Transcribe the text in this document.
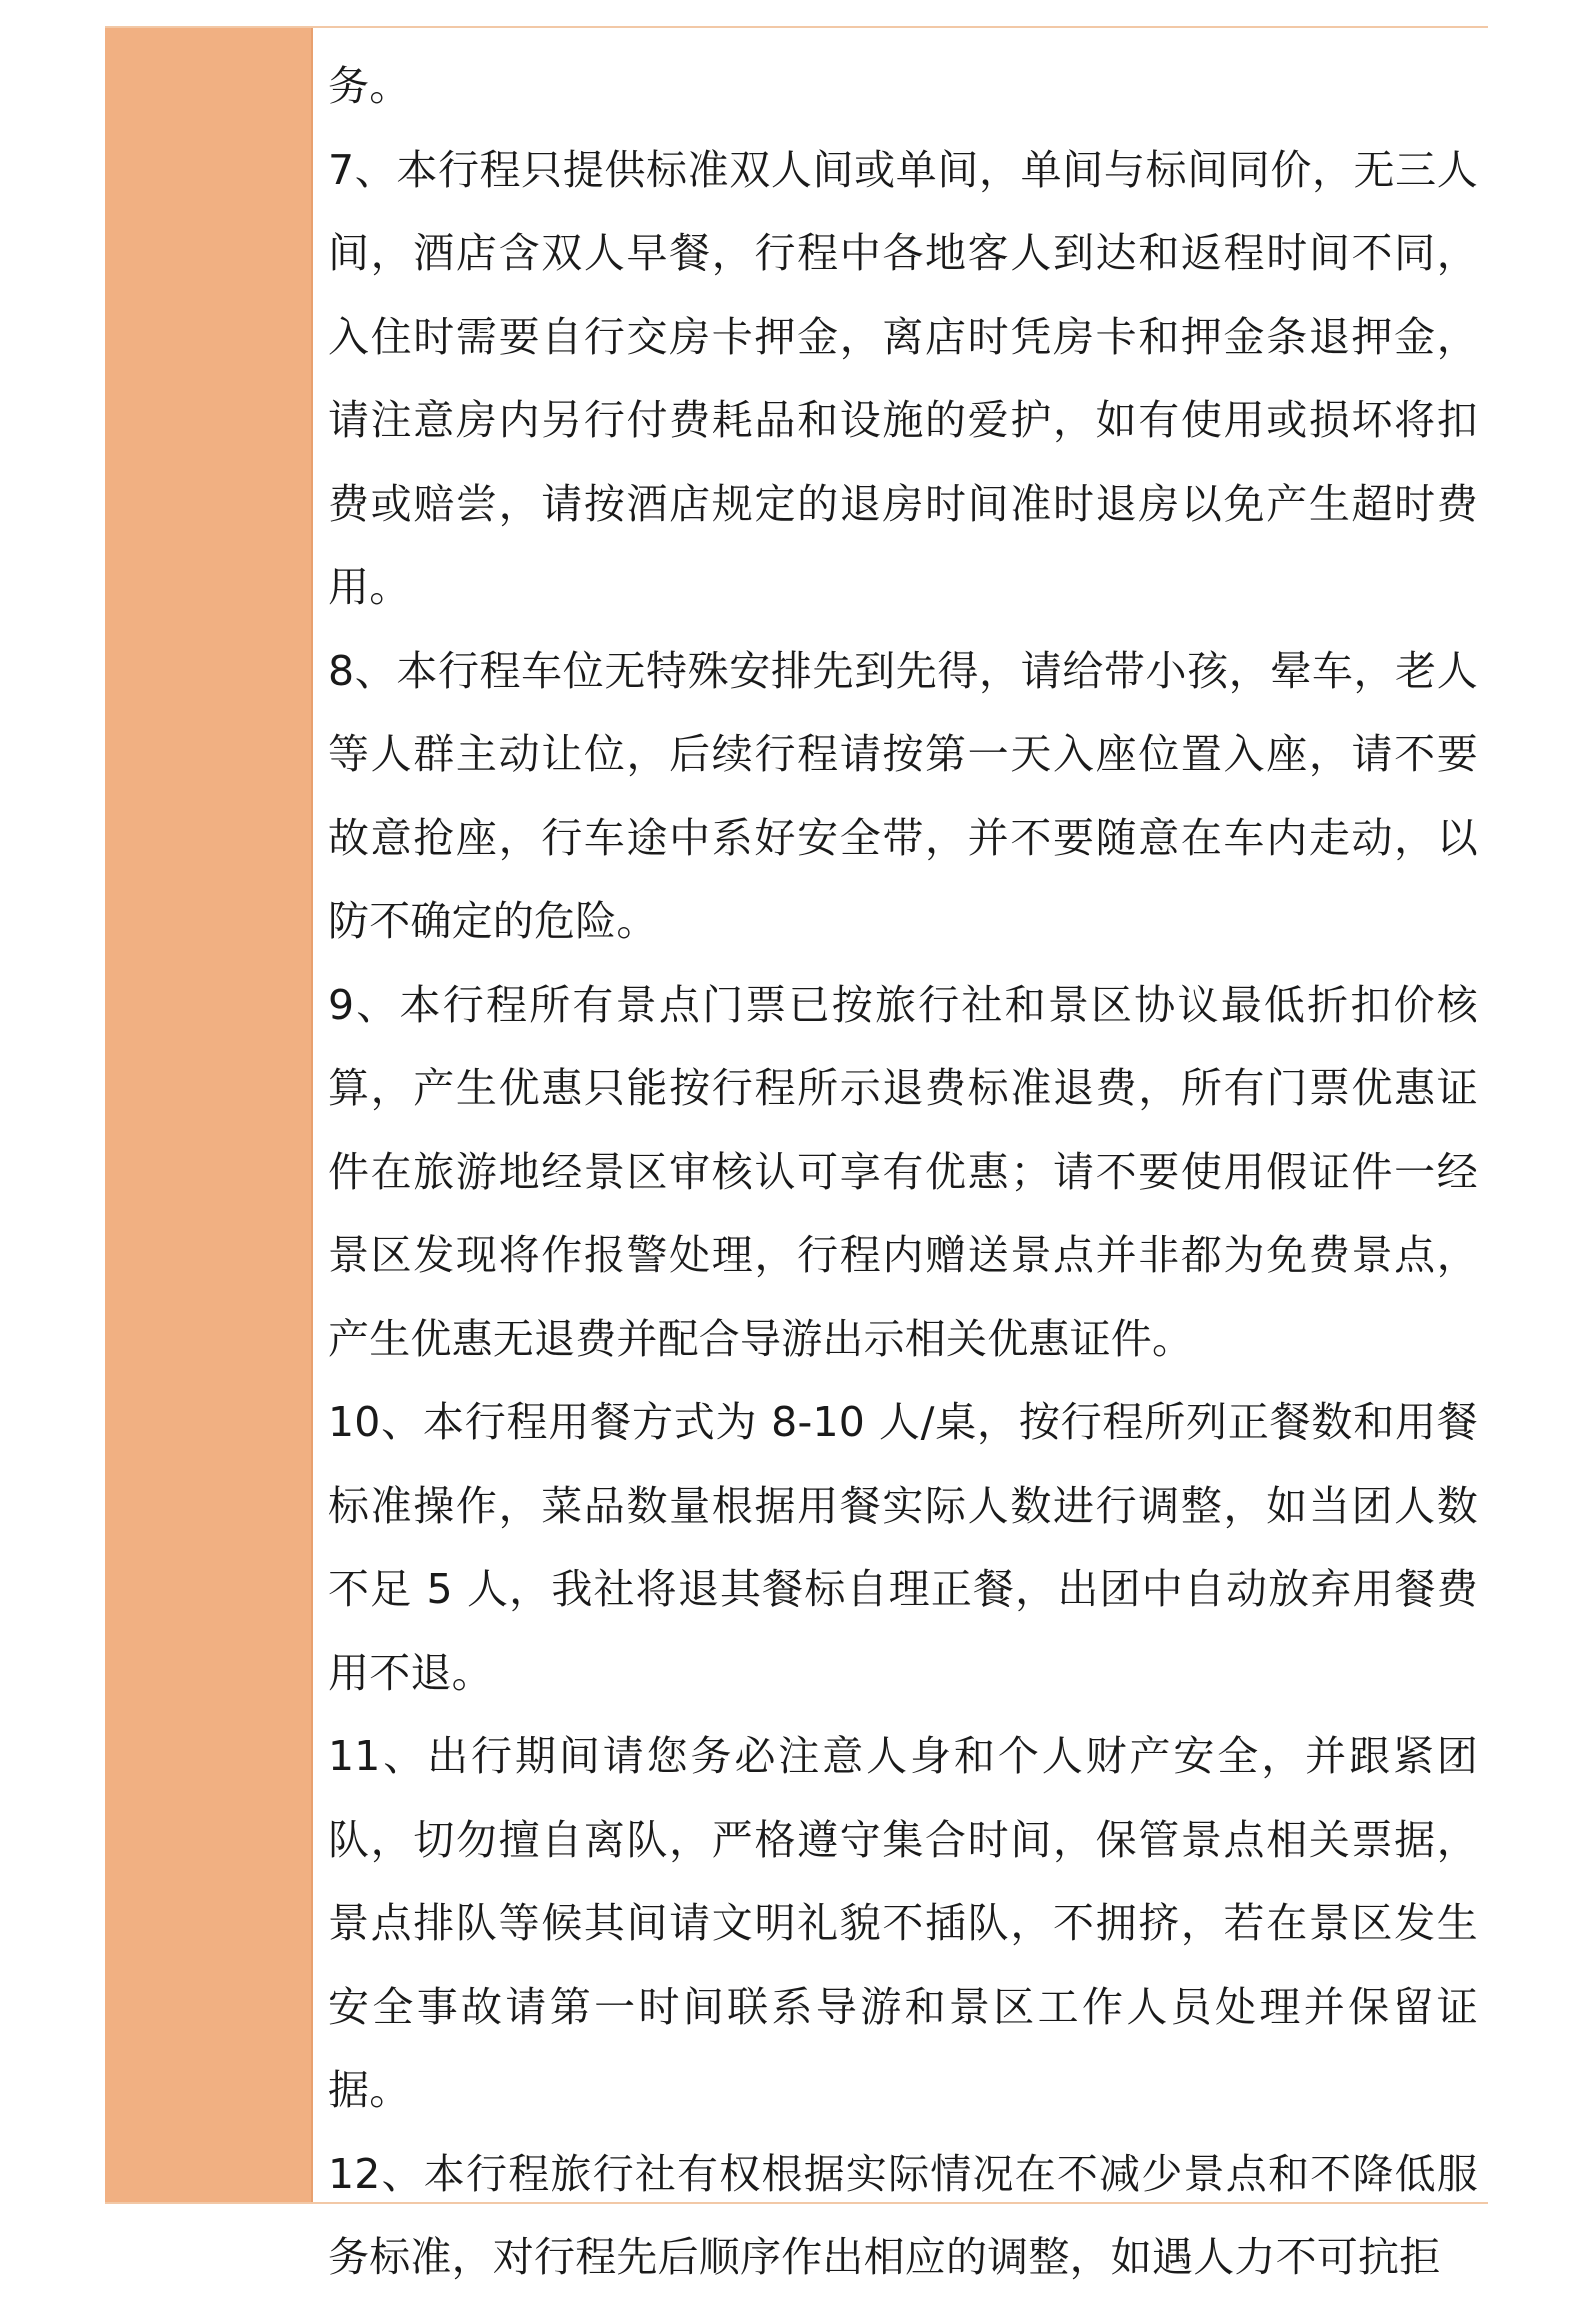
务。

7、本行程只提供标准双人间或单间，单间与标间同价，无三人间，酒店含双人早餐，行程中各地客人到达和返程时间不同，入住时需要自行交房卡押金，离店时凭房卡和押金条退押金，请注意房内另行付费耗品和设施的爱护，如有使用或损坏将扣费或赔尝，请按酒店规定的退房时间准时退房以免产生超时费用。

8、本行程车位无特殊安排先到先得，请给带小孩，晕车，老人等人群主动让位，后续行程请按第一天入座位置入座，请不要故意抢座，行车途中系好安全带，并不要随意在车内走动，以防不确定的危险。

9、本行程所有景点门票已按旅行社和景区协议最低折扣价核算，产生优惠只能按行程所示退费标准退费，所有门票优惠证件在旅游地经景区审核认可享有优惠；请不要使用假证件一经景区发现将作报警处理，行程内赠送景点并非都为免费景点，产生优惠无退费并配合导游出示相关优惠证件。

10、本行程用餐方式为 8-10 人/桌，按行程所列正餐数和用餐标准操作，菜品数量根据用餐实际人数进行调整，如当团人数不足 5 人，我社将退其餐标自理正餐，出团中自动放弃用餐费用不退。

11、出行期间请您务必注意人身和个人财产安全，并跟紧团队，切勿擅自离队，严格遵守集合时间，保管景点相关票据，景点排队等候其间请文明礼貌不插队，不拥挤，若在景区发生安全事故请第一时间联系导游和景区工作人员处理并保留证据。

12、本行程旅行社有权根据实际情况在不减少景点和不降低服务标准，对行程先后顺序作出相应的调整，如遇人力不可抗拒
